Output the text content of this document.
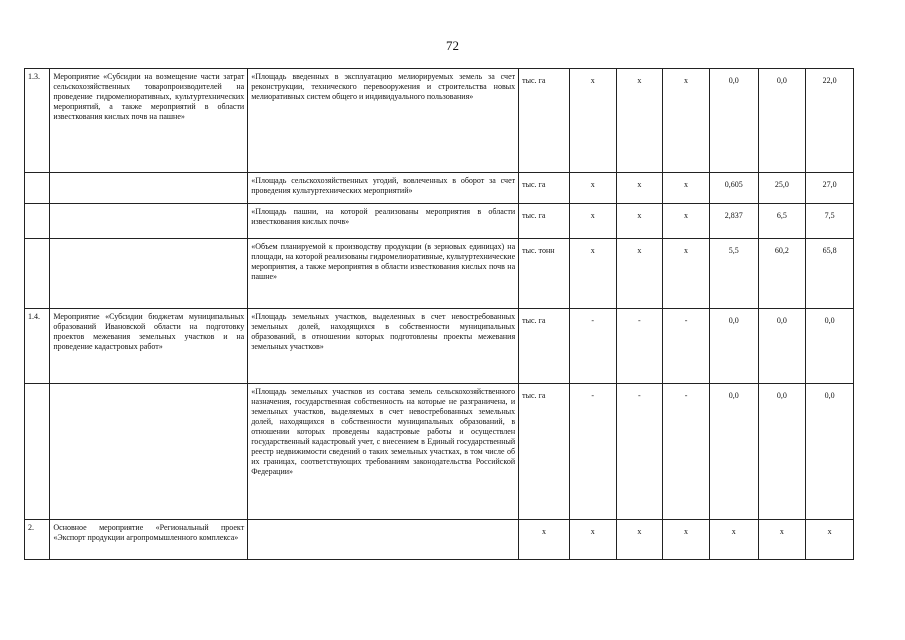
72
1.3.	Мероприятие «Субсидии на возмещение части затрат сельскохозяйственных товаропроизводителей на проведение гидромелиоративных, культуртехнических мероприятий, а также мероприятий в области известкования кислых почв на пашне»	«Площадь введенных в эксплуатацию мелиорируемых земель за счет реконструкции, технического перевооружения и строительства новых мелиоративных систем общего и индивидуального пользования»	тыс. га	x	x	x	0,0	0,0	22,0
		«Площадь сельскохозяйственных угодий, вовлеченных в оборот за счет проведения культуртехнических мероприятий»	тыс. га	x	x	x	0,605	25,0	27,0
		«Площадь пашни, на которой реализованы мероприятия в области известкования кислых почв»	тыс. га	x	x	x	2,837	6,5	7,5
		«Объем планируемой к производству продукции (в зерновых единицах) на площади, на которой реализованы гидромелиоративные, культуртехнические мероприятия, а также мероприятия в области известкования кислых почв на пашне»	тыс. тонн	x	x	x	5,5	60,2	65,8
1.4.	Мероприятие «Субсидии бюджетам муниципальных образований Ивановской области на подготовку проектов межевания земельных участков и на проведение кадастровых работ»	«Площадь земельных участков, выделенных в счет невостребованных земельных долей, находящихся в собственности муниципальных образований, в отношении которых подготовлены проекты межевания земельных участков»	тыс. га	-	-	-	0,0	0,0	0,0
		«Площадь земельных участков из состава земель сельскохозяйственного назначения, государственная собственность на которые не разграничена, и земельных участков, выделяемых в счет невостребованных земельных долей, находящихся в собственности муниципальных образований, в отношении которых проведены кадастровые работы и осуществлен государственный кадастровый учет, с внесением в Единый государственный реестр недвижимости сведений о таких земельных участках, в том числе об их границах, соответствующих требованиям законодательства Российской Федерации»	тыс. га	-	-	-	0,0	0,0	0,0
2.	Основное мероприятие «Региональный проект «Экспорт продукции агропромышленного комплекса»		x	x	x	x	x	x	x
